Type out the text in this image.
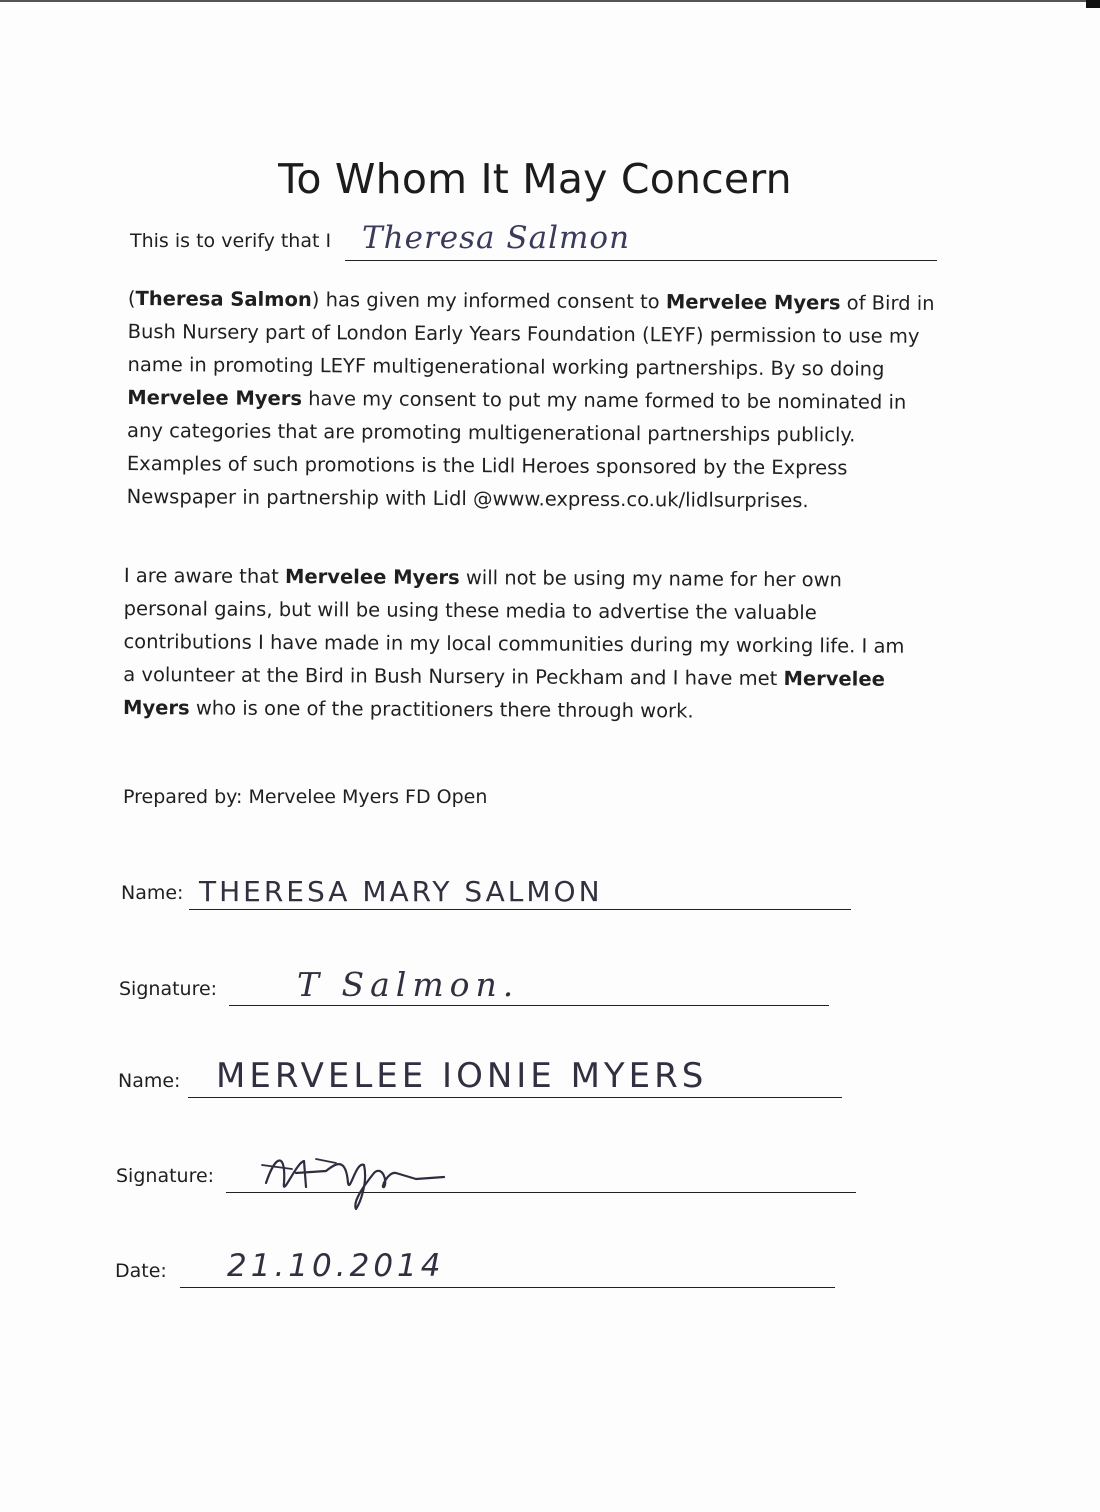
To Whom It May Concern
This is to verify that I Theresa Salmon

(Theresa Salmon) has given my informed consent to Mervelee Myers of Bird in Bush Nursery part of London Early Years Foundation (LEYF) permission to use my name in promoting LEYF multigenerational working partnerships. By so doing Mervelee Myers have my consent to put my name formed to be nominated in any categories that are promoting multigenerational partnerships publicly. Examples of such promotions is the Lidl Heroes sponsored by the Express Newspaper in partnership with Lidl @www.express.co.uk/lidlsurprises.

I are aware that Mervelee Myers will not be using my name for her own personal gains, but will be using these media to advertise the valuable contributions I have made in my local communities during my working life. I am a volunteer at the Bird in Bush Nursery in Peckham and I have met Mervelee Myers who is one of the practitioners there through work.

Prepared by: Mervelee Myers FD Open
Name: THERESA MARY SALMON
Signature: T Salmon.
Name: MERVELEE IONIE MYERS
Signature:
Date: 21.10.2014
